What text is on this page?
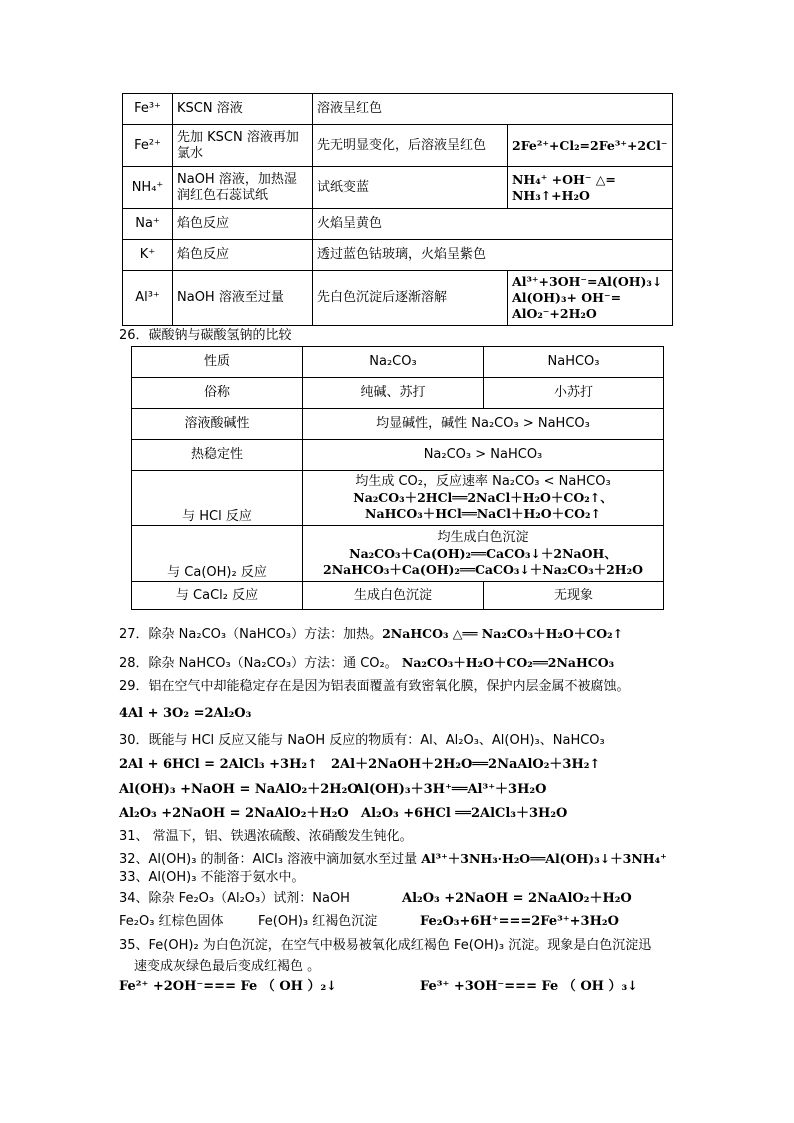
Fe³⁺	KSCN 溶液	溶液呈红色	
Fe²⁺	先加 KSCN 溶液再加氯水	先无明显变化，后溶液呈红色	2Fe²⁺+Cl₂=2Fe³⁺+2Cl⁻
NH₄⁺	NaOH 溶液，加热湿润红色石蕊试纸	试纸变蓝	NH₄⁺ +OH⁻ △= NH₃↑+H₂O
Na⁺	焰色反应	火焰呈黄色	
K⁺	焰色反应	透过蓝色钴玻璃，火焰呈紫色	
Al³⁺	NaOH 溶液至过量	先白色沉淀后逐渐溶解	Al³⁺+3OH⁻=Al(OH)₃↓ Al(OH)₃+ OH⁻= AlO₂⁻+2H₂O
26．碳酸钠与碳酸氢钠的比较
性质	Na₂CO₃	NaHCO₃
俗称	纯碱、苏打	小苏打
溶液酸碱性	均显碱性，碱性 Na₂CO₃ > NaHCO₃	
热稳定性	Na₂CO₃ > NaHCO₃	
与 HCl 反应	均生成 CO₂，反应速率 Na₂CO₃ < NaHCO₃
Na₂CO₃＋2HCl══2NaCl＋H₂O＋CO₂↑、
NaHCO₃＋HCl══NaCl＋H₂O＋CO₂↑	

与 Ca(OH)₂ 反应	均生成白色沉淀
Na₂CO₃＋Ca(OH)₂══CaCO₃↓＋2NaOH、
2NaHCO₃＋Ca(OH)₂══CaCO₃↓＋Na₂CO₃＋2H₂O	

与 CaCl₂ 反应	生成白色沉淀	无现象
27．除杂 Na₂CO₃（NaHCO₃）方法：加热。2NaHCO₃ △══ Na₂CO₃＋H₂O＋CO₂↑
28．除杂 NaHCO₃（Na₂CO₃）方法：通 CO₂。 Na₂CO₃＋H₂O＋CO₂══2NaHCO₃
29．铝在空气中却能稳定存在是因为铝表面覆盖有致密氧化膜，保护内层金属不被腐蚀。
4Al + 3O₂ =2Al₂O₃
30．既能与 HCl 反应又能与 NaOH 反应的物质有：Al、Al₂O₃、Al(OH)₃、NaHCO₃
2Al + 6HCl = 2AlCl₃ +3H₂↑ 2Al＋2NaOH＋2H₂O══2NaAlO₂＋3H₂↑
Al(OH)₃ +NaOH = NaAlO₂＋2H₂O
Al(OH)₃＋3H⁺══Al³⁺＋3H₂O
Al₂O₃ +2NaOH = 2NaAlO₂＋H₂O Al₂O₃ +6HCl ══2AlCl₃＋3H₂O
31、 常温下，铝、铁遇浓硫酸、浓硝酸发生钝化。
32、Al(OH)₃ 的制备：AlCl₃ 溶液中滴加氨水至过量 Al³⁺＋3NH₃·H₂O══Al(OH)₃↓＋3NH₄⁺
33、Al(OH)₃ 不能溶于氨水中。
34、除杂 Fe₂O₃（Al₂O₃）试剂：NaOH	Al₂O₃ +2NaOH = 2NaAlO₂＋H₂O
Fe₂O₃ 红棕色固体	Fe(OH)₃ 红褐色沉淀	Fe₂O₃+6H⁺===2Fe³⁺+3H₂O
35、Fe(OH)₂ 为白色沉淀，在空气中极易被氧化成红褐色 Fe(OH)₃ 沉淀。现象是白色沉淀迅
速变成灰绿色最后变成红褐色 。
Fe²⁺ +2OH⁻=== Fe （ OH ）₂↓	Fe³⁺ +3OH⁻=== Fe （ OH ）₃↓
